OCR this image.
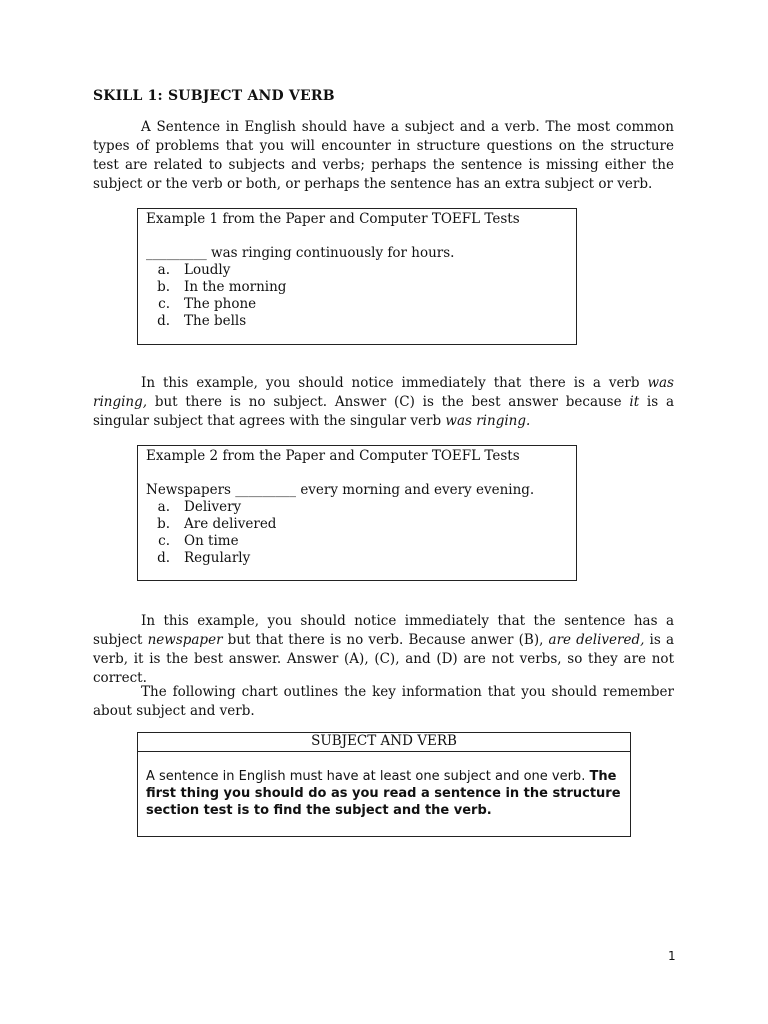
SKILL 1: SUBJECT AND VERB
A Sentence in English should have a subject and a verb. The most common types of problems that you will encounter in structure questions on the structure test are related to subjects and verbs; perhaps the sentence is missing either the subject or the verb or both, or perhaps the sentence has an extra subject or verb.
Example 1 from the Paper and Computer TOEFL Tests
_________ was ringing continuously for hours.
a.	Loudly
b.	In the morning
c.	The phone
d.	The bells
In this example, you should notice immediately that there is a verb was ringing, but there is no subject. Answer (C) is the best answer because it is a singular subject that agrees with the singular verb was ringing.
Example 2 from the Paper and Computer TOEFL Tests
Newspapers _________ every morning and every evening.
a.	Delivery
b.	Are delivered
c.	On time
d.	Regularly
In this example, you should notice immediately that the sentence has a subject newspaper but that there is no verb. Because anwer (B), are delivered, is a verb, it is the best answer. Answer (A), (C), and (D) are not verbs, so they are not correct.
The following chart outlines the key information that you should remember about subject and verb.
SUBJECT AND VERB
A sentence in English must have at least one subject and one verb. The first thing you should do as you read a sentence in the structure section test is to find the subject and the verb.
1
